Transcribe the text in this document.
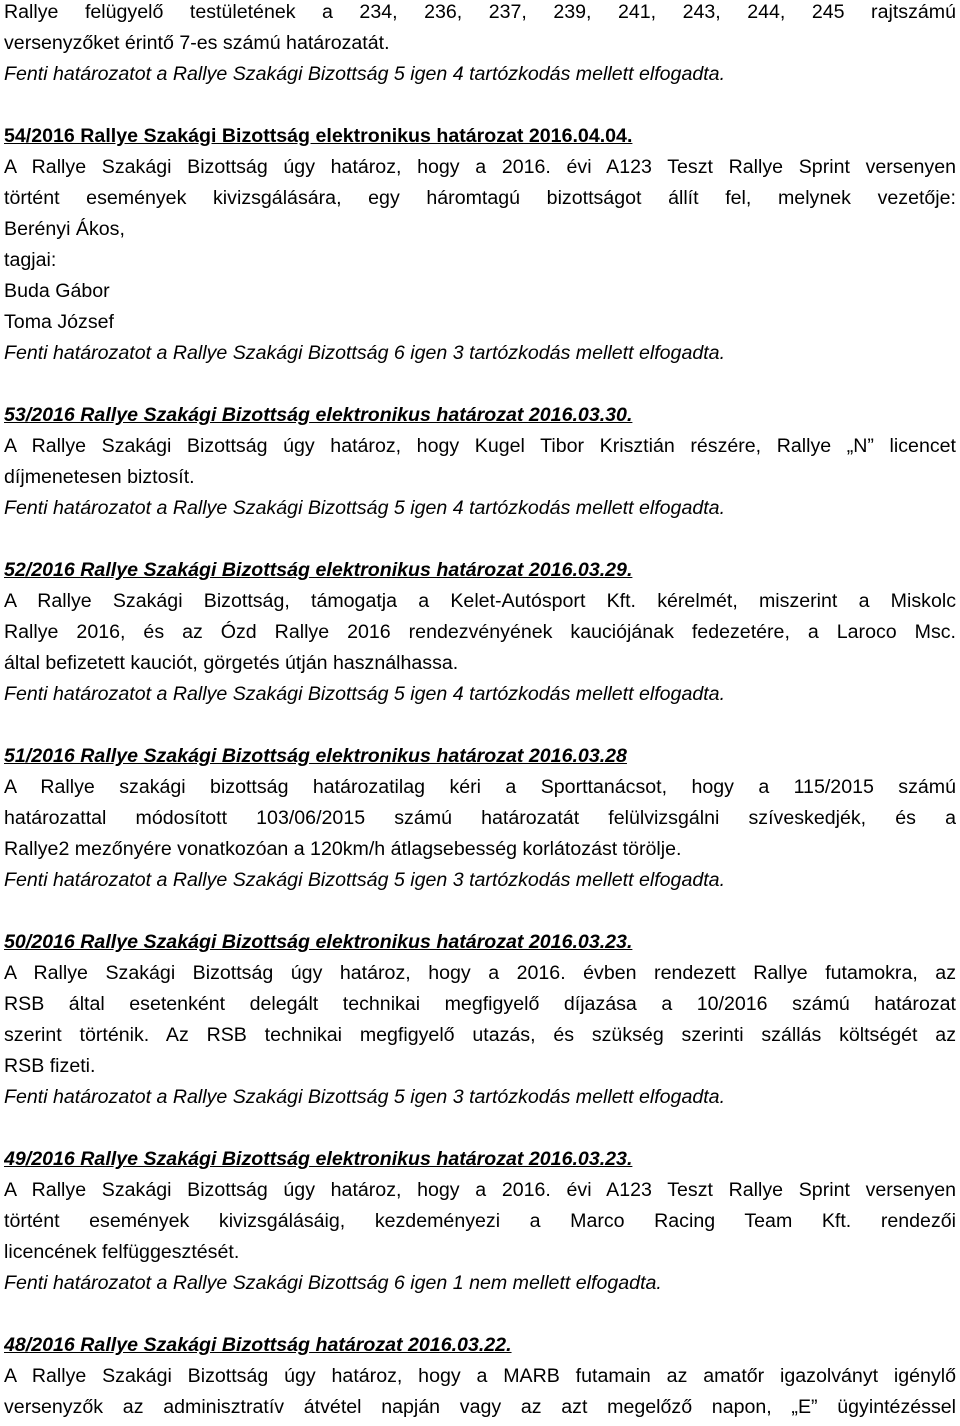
Rallye felügyelő testületének a 234, 236, 237, 239, 241, 243, 244, 245 rajtszámú
versenyzőket érintő 7-es számú határozatát.
Fenti határozatot a Rallye Szakági Bizottság 5 igen 4 tartózkodás mellett elfogadta.
54/2016 Rallye Szakági Bizottság elektronikus határozat 2016.04.04.
A Rallye Szakági Bizottság úgy határoz, hogy a 2016. évi A123 Teszt Rallye Sprint versenyen
történt események kivizsgálására, egy háromtagú bizottságot állít fel, melynek vezetője:
Berényi Ákos,
tagjai:
Buda Gábor
Toma József
Fenti határozatot a Rallye Szakági Bizottság 6 igen 3 tartózkodás mellett elfogadta.
53/2016 Rallye Szakági Bizottság elektronikus határozat 2016.03.30.
A Rallye Szakági Bizottság úgy határoz, hogy Kugel Tibor Krisztián részére, Rallye „N” licencet
díjmenetesen biztosít.
Fenti határozatot a Rallye Szakági Bizottság 5 igen 4 tartózkodás mellett elfogadta.
52/2016 Rallye Szakági Bizottság elektronikus határozat 2016.03.29.
A Rallye Szakági Bizottság, támogatja a Kelet-Autósport Kft. kérelmét, miszerint a Miskolc
Rallye 2016, és az Ózd Rallye 2016 rendezvényének kauciójának fedezetére, a Laroco Msc.
által befizetett kauciót, görgetés útján használhassa.
Fenti határozatot a Rallye Szakági Bizottság 5 igen 4 tartózkodás mellett elfogadta.
51/2016 Rallye Szakági Bizottság elektronikus határozat 2016.03.28
A Rallye szakági bizottság határozatilag kéri a Sporttanácsot, hogy a 115/2015 számú
határozattal módosított 103/06/2015 számú határozatát felülvizsgálni szíveskedjék, és a
Rallye2 mezőnyére vonatkozóan a 120km/h átlagsebesség korlátozást törölje.
Fenti határozatot a Rallye Szakági Bizottság 5 igen 3 tartózkodás mellett elfogadta.
50/2016 Rallye Szakági Bizottság elektronikus határozat 2016.03.23.
A Rallye Szakági Bizottság úgy határoz, hogy a 2016. évben rendezett Rallye futamokra, az
RSB által esetenként delegált technikai megfigyelő díjazása a 10/2016 számú határozat
szerint történik. Az RSB technikai megfigyelő utazás, és szükség szerinti szállás költségét az
RSB fizeti.
Fenti határozatot a Rallye Szakági Bizottság 5 igen 3 tartózkodás mellett elfogadta.
49/2016 Rallye Szakági Bizottság elektronikus határozat 2016.03.23.
A Rallye Szakági Bizottság úgy határoz, hogy a 2016. évi A123 Teszt Rallye Sprint versenyen
történt események kivizsgálásáig, kezdeményezi a Marco Racing Team Kft. rendezői
licencének felfüggesztését.
Fenti határozatot a Rallye Szakági Bizottság 6 igen 1 nem mellett elfogadta.
48/2016 Rallye Szakági Bizottság határozat 2016.03.22.
A Rallye Szakági Bizottság úgy határoz, hogy a MARB futamain az amatőr igazolványt igénylő
versenyzők az adminisztratív átvétel napján vagy az azt megelőző napon, „E” ügyintézéssel
